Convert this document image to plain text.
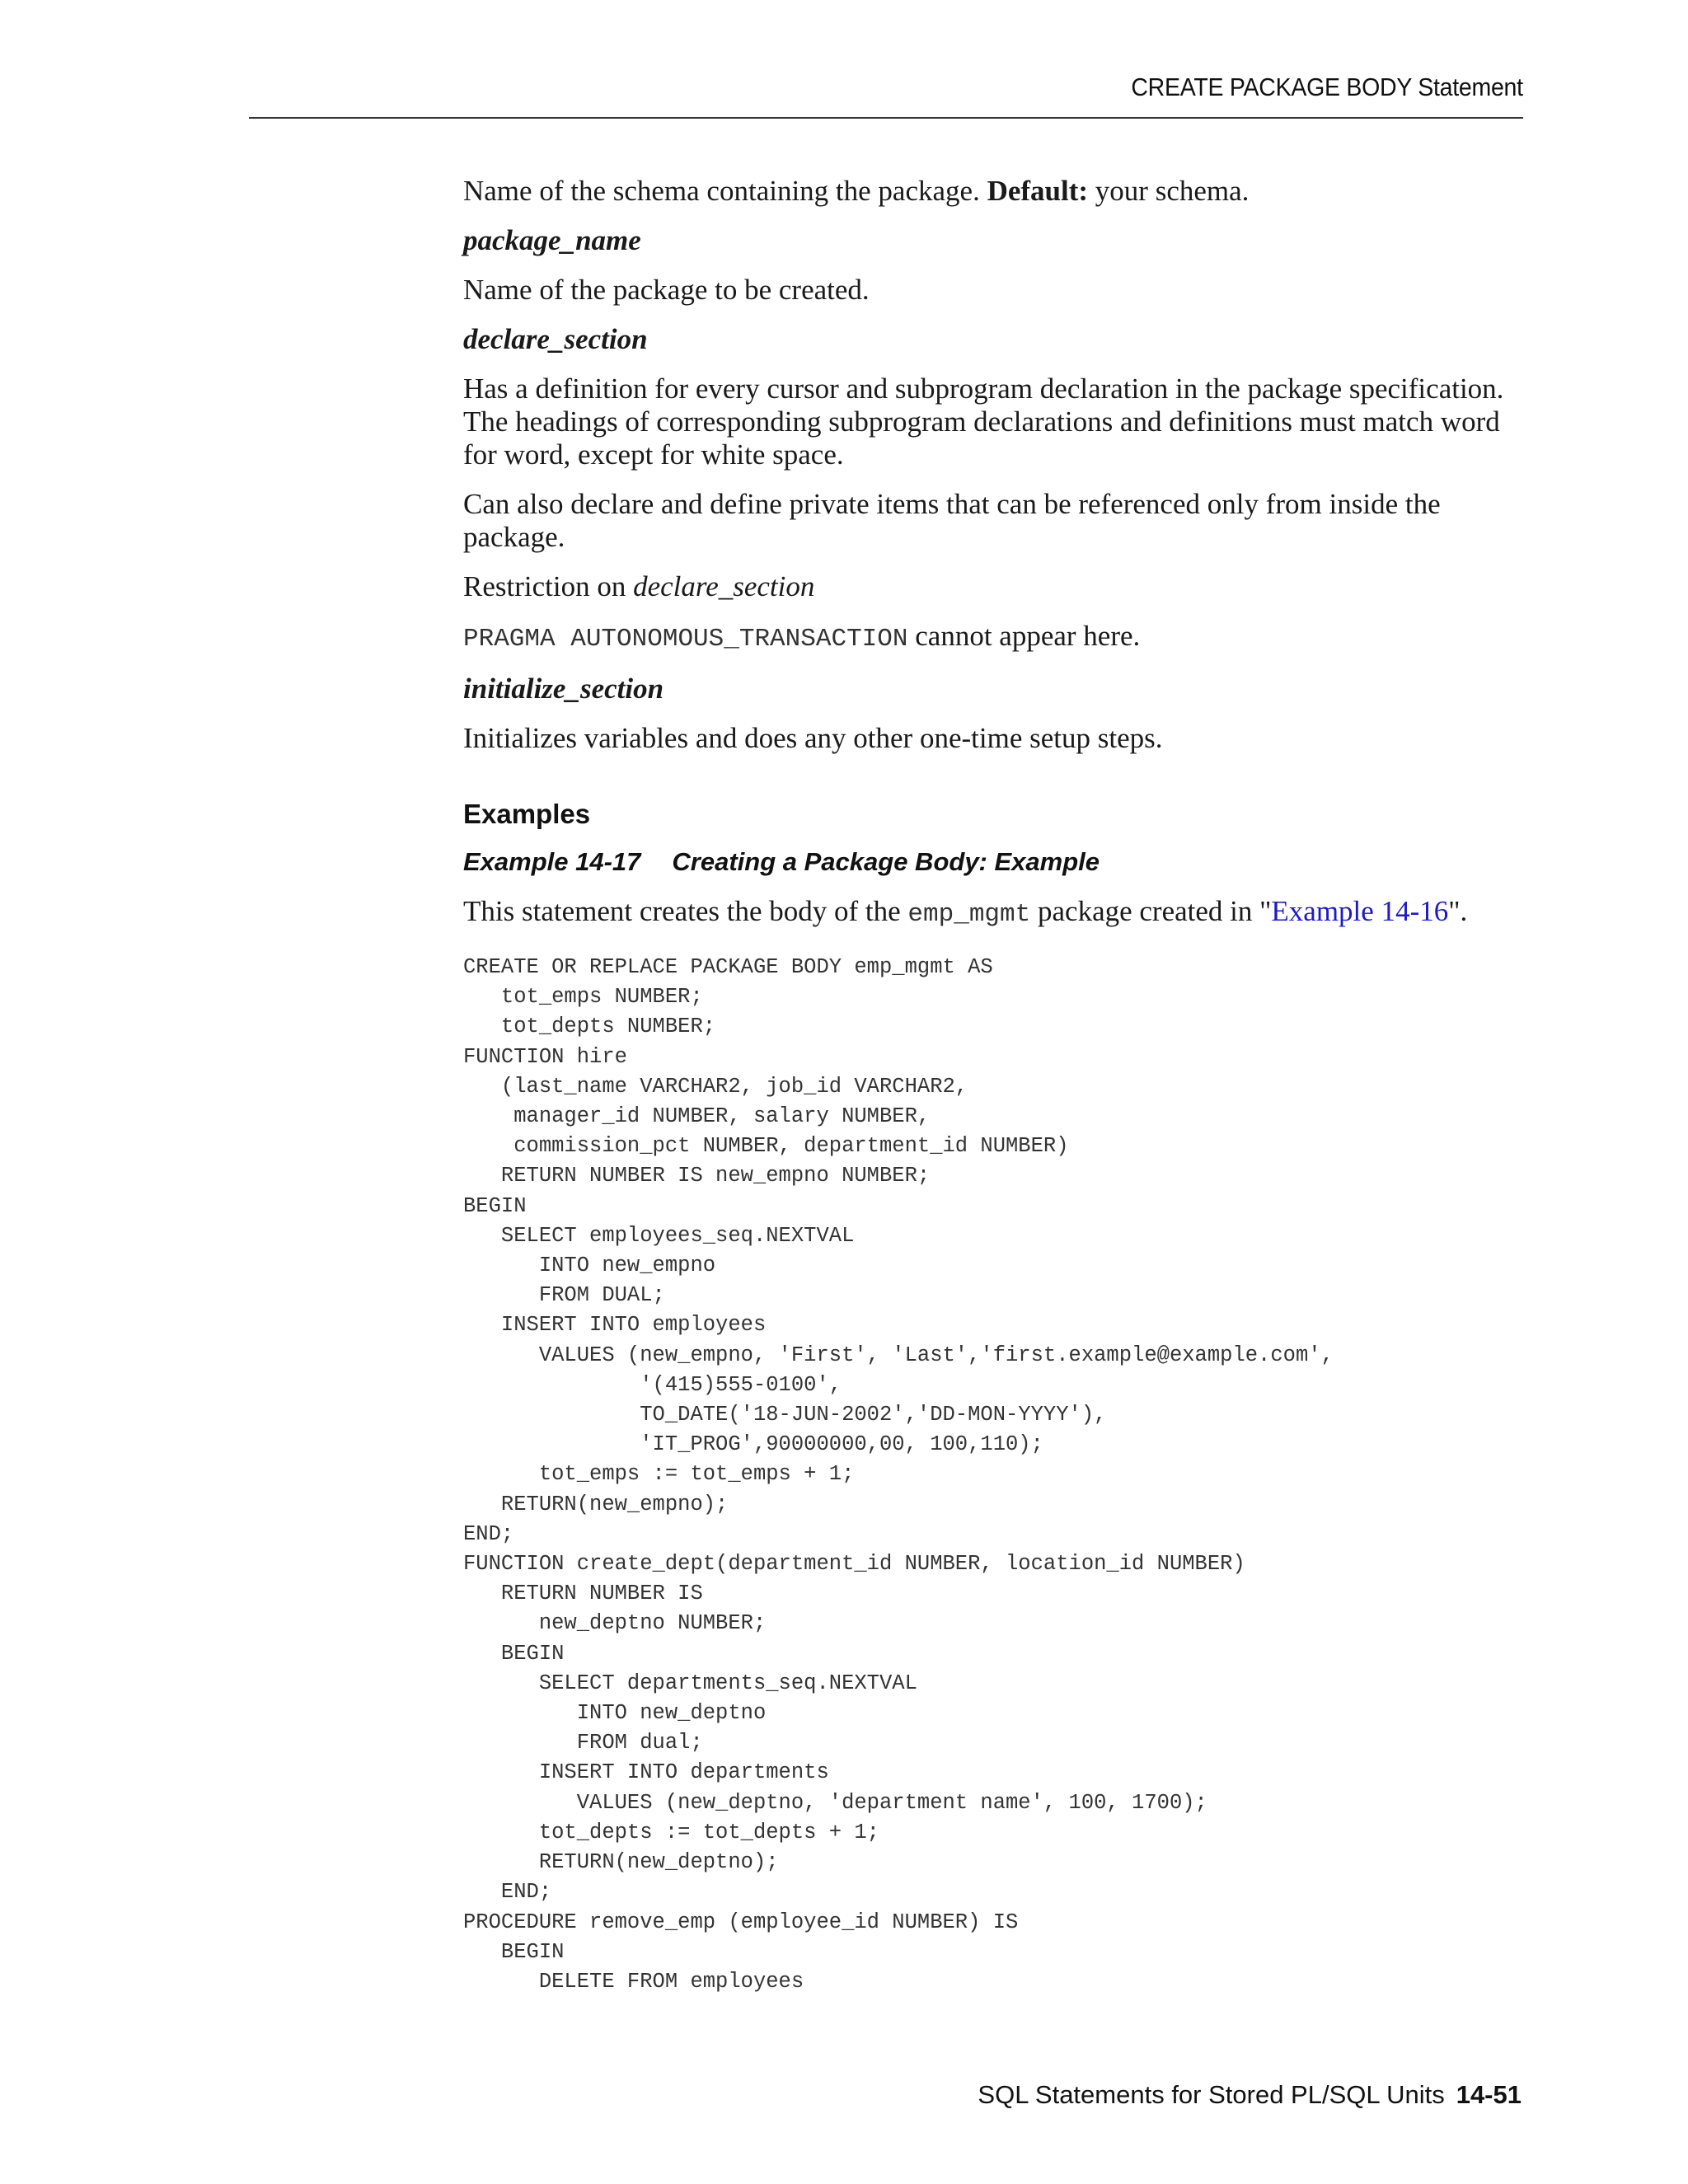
CREATE PACKAGE BODY Statement

Name of the schema containing the package. Default: your schema.

package_name

Name of the package to be created.

declare_section

Has a definition for every cursor and subprogram declaration in the package specification. The headings of corresponding subprogram declarations and definitions must match word for word, except for white space.

Can also declare and define private items that can be referenced only from inside the package.

Restriction on declare_section

PRAGMA AUTONOMOUS_TRANSACTION cannot appear here.

initialize_section

Initializes variables and does any other one-time setup steps.

Examples
Example 14-17 Creating a Package Body: Example

This statement creates the body of the emp_mgmt package created in "Example 14-16".

CREATE OR REPLACE PACKAGE BODY emp_mgmt AS
tot_emps NUMBER;
tot_depts NUMBER;
FUNCTION hire
(last_name VARCHAR2, job_id VARCHAR2,
manager_id NUMBER, salary NUMBER,
commission_pct NUMBER, department_id NUMBER)
RETURN NUMBER IS new_empno NUMBER;
BEGIN
SELECT employees_seq.NEXTVAL
INTO new_empno
FROM DUAL;
INSERT INTO employees
VALUES (new_empno, 'First', 'Last','first.example@example.com',
'(415)555-0100',
TO_DATE('18-JUN-2002','DD-MON-YYYY'),
'IT_PROG',90000000,00, 100,110);
tot_emps := tot_emps + 1;
RETURN(new_empno);
END;
FUNCTION create_dept(department_id NUMBER, location_id NUMBER)
RETURN NUMBER IS
new_deptno NUMBER;
BEGIN
SELECT departments_seq.NEXTVAL
INTO new_deptno
FROM dual;
INSERT INTO departments
VALUES (new_deptno, 'department name', 100, 1700);
tot_depts := tot_depts + 1;
RETURN(new_deptno);
END;
PROCEDURE remove_emp (employee_id NUMBER) IS
BEGIN
DELETE FROM employees
SQL Statements for Stored PL/SQL Units 14-51
